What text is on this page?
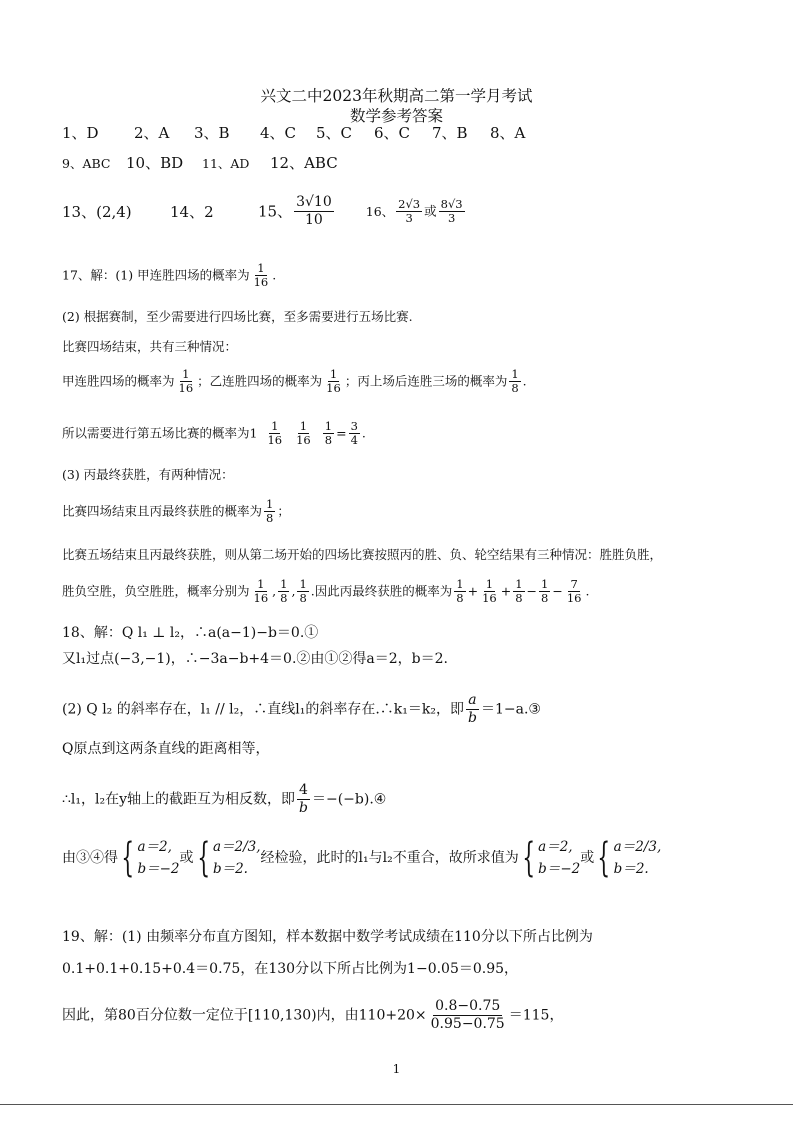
兴文二中2023年秋期高二第一学月考试
数学参考答案
1、D 2、A 3、B 4、C 5、C 6、C 7、B 8、A
9、ABC 10、BD 11、AD 12、ABC
13、(2,4)	14、2	15、 $\frac{3√10}{10}$	16、 $\frac{2√3}{3}$ 或 $\frac{8√3}{3}$
17、解：(1) 甲连胜四场的概率为 $\frac{1}{16}$ .
(2) 根据赛制，至少需要进行四场比赛，至多需要进行五场比赛.
比赛四场结束，共有三种情况：
甲连胜四场的概率为 $\frac{1}{16}$ ；乙连胜四场的概率为 $\frac{1}{16}$ ；丙上场后连胜三场的概率为 $\frac{1}{8}$ .
所以需要进行第五场比赛的概率为$1 \frac{1}{16} \frac{1}{16} \frac{1}{8} = \frac{3}{4}$ .
(3) 丙最终获胜，有两种情况：
比赛四场结束且丙最终获胜的概率为 $\frac{1}{8}$ ；
比赛五场结束且丙最终获胜，则从第二场开始的四场比赛按照丙的胜、负、轮空结果有三种情况：胜胜负胜，
胜负空胜，负空胜胜，概率分别为 $\frac{1}{16}$ , $\frac{1}{8}$ , $\frac{1}{8}$ .因此丙最终获胜的概率为 $\frac{1}{8} + \frac{1}{16} + \frac{1}{8} - \frac{1}{8} - \frac{7}{16}$ .
18、解：Q l₁ ⊥ l₂，∴a(a−1)−b＝0.①
又l₁过点(−3,−1)，∴−3a−b+4＝0.②由①②得a＝2，b＝2.
(2) Q l₂ 的斜率存在，l₁ // l₂，∴直线l₁的斜率存在.∴k₁＝k₂，即 $\frac{a}{b}$ ＝1−a.③
Q原点到这两条直线的距离相等，
∴l₁，l₂在y轴上的截距互为相反数，即 $\frac{4}{b}$ ＝−(−b).④
由③④得 { a＝2,
b＝−2
或 { a＝2/3,
b＝2.
经检验，此时的l₁与l₂不重合，故所求值为 { a＝2,
b＝−2
或 { a＝2/3,
b＝2.
19、解：(1) 由频率分布直方图知，样本数据中数学考试成绩在110分以下所占比例为
0.1+0.1+0.15+0.4＝0.75，在130分以下所占比例为1−0.05＝0.95，
因此，第80百分位数一定位于[110,130)内，由$110+20\times \frac{0.8-0.75}{0.95-0.75} =115$，
1
